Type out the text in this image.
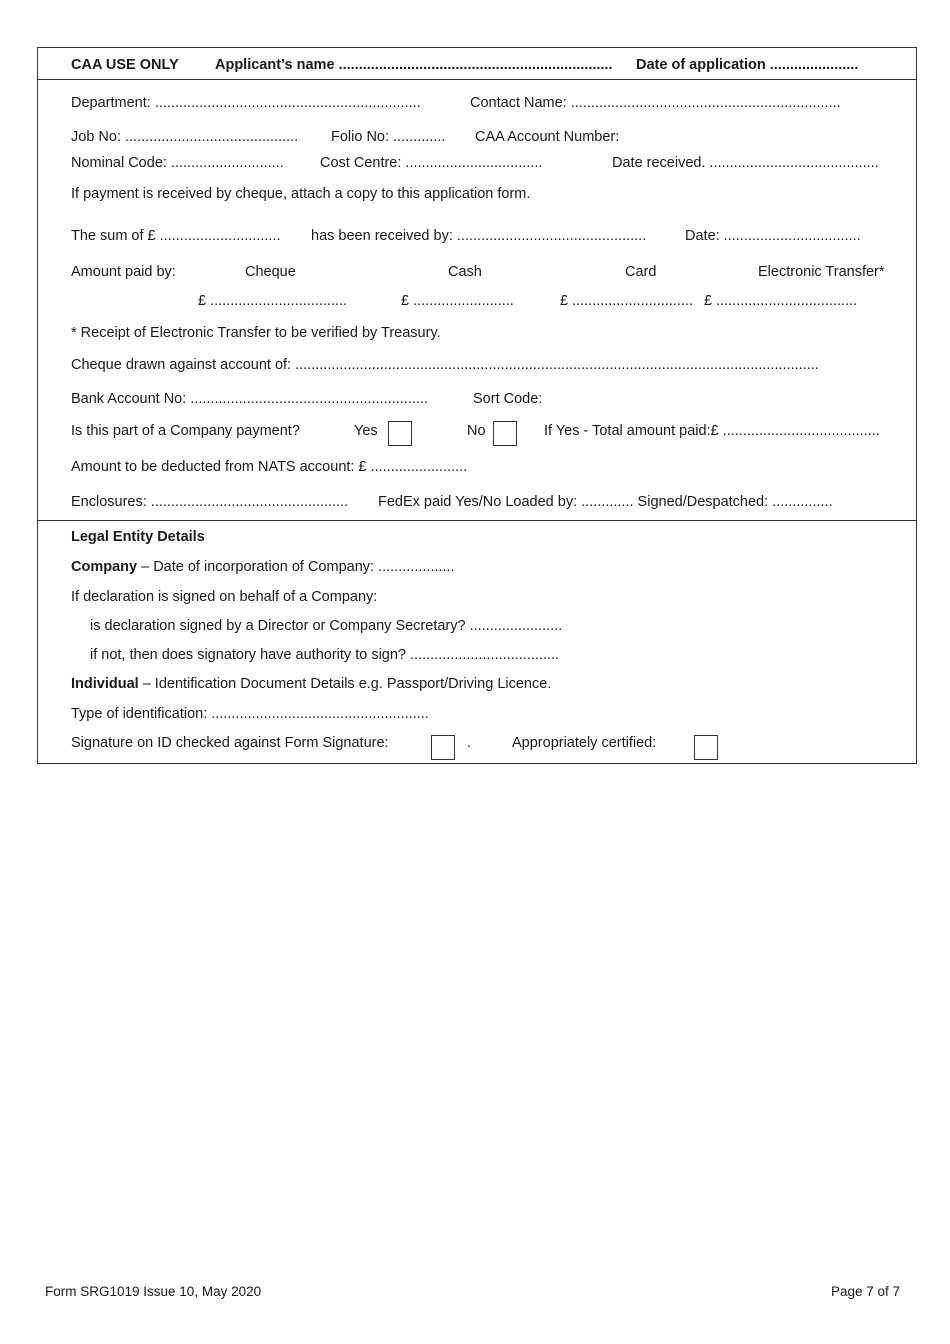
CAA USE ONLY	Applicant’s name .................................................................... Date of application ......................
Department: ..................................................................	Contact Name: ...................................................................
Job No: ........................................... Folio No: ............. CAA Account Number:
Nominal Code: ............................	Cost Centre: ..................................	Date received. ..........................................
If payment is received by cheque, attach a copy to this application form.
The sum of £ .............................. has been received by: ...............................................	Date: ..................................
Amount paid by:	Cheque	Cash	Card	Electronic Transfer*
£ ..................................	£ .........................	£ .............................. £ ...................................
* Receipt of Electronic Transfer to be verified by Treasury.
Cheque drawn against account of: ..................................................................................................................................
Bank Account No: ...........................................................	Sort Code:
Is this part of a Company payment?	Yes	No	If Yes - Total amount paid:£ .......................................
Amount to be deducted from NATS account: £ ........................
Enclosures: ................................................. FedEx paid Yes/No Loaded by: ............. Signed/Despatched: ...............
Legal Entity Details
Company – Date of incorporation of Company: ...................
If declaration is signed on behalf of a Company:
is declaration signed by a Director or Company Secretary? .......................
if not, then does signatory have authority to sign? .....................................
Individual – Identification Document Details e.g. Passport/Driving Licence.
Type of identification: ......................................................
Signature on ID checked against Form Signature:	.	Appropriately certified:
Form SRG1019 Issue 10, May 2020	Page 7 of 7
